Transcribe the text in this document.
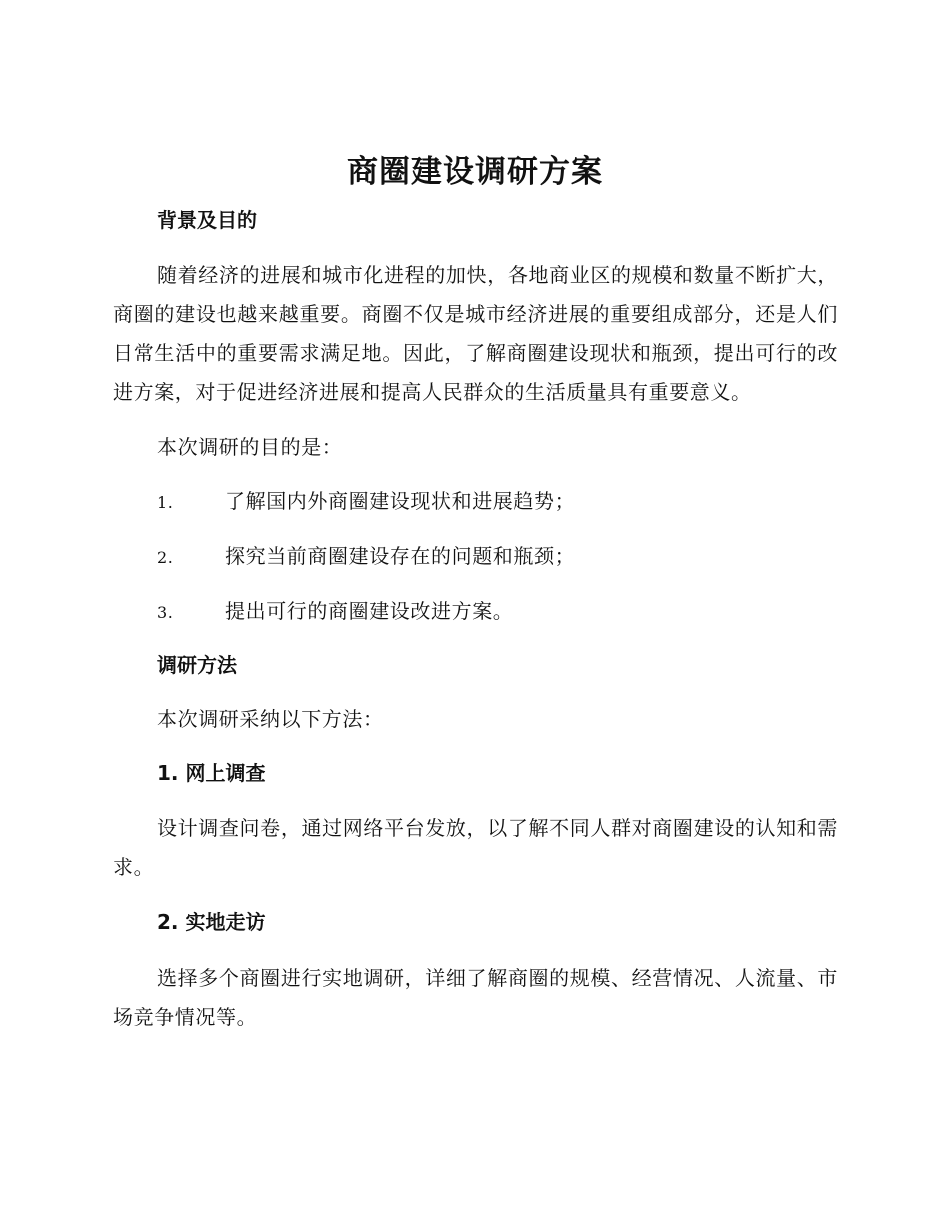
商圈建设调研方案
背景及目的

随着经济的进展和城市化进程的加快，各地商业区的规模和数量不断扩大，商圈的建设也越来越重要。商圈不仅是城市经济进展的重要组成部分，还是人们日常生活中的重要需求满足地。因此，了解商圈建设现状和瓶颈，提出可行的改进方案，对于促进经济进展和提高人民群众的生活质量具有重要意义。

本次调研的目的是：

1.	了解国内外商圈建设现状和进展趋势；
2.	探究当前商圈建设存在的问题和瓶颈；
3.	提出可行的商圈建设改进方案。
调研方法

本次调研采纳以下方法：

1. 网上调查

设计调查问卷，通过网络平台发放，以了解不同人群对商圈建设的认知和需求。

2. 实地走访

选择多个商圈进行实地调研，详细了解商圈的规模、经营情况、人流量、市场竞争情况等。
